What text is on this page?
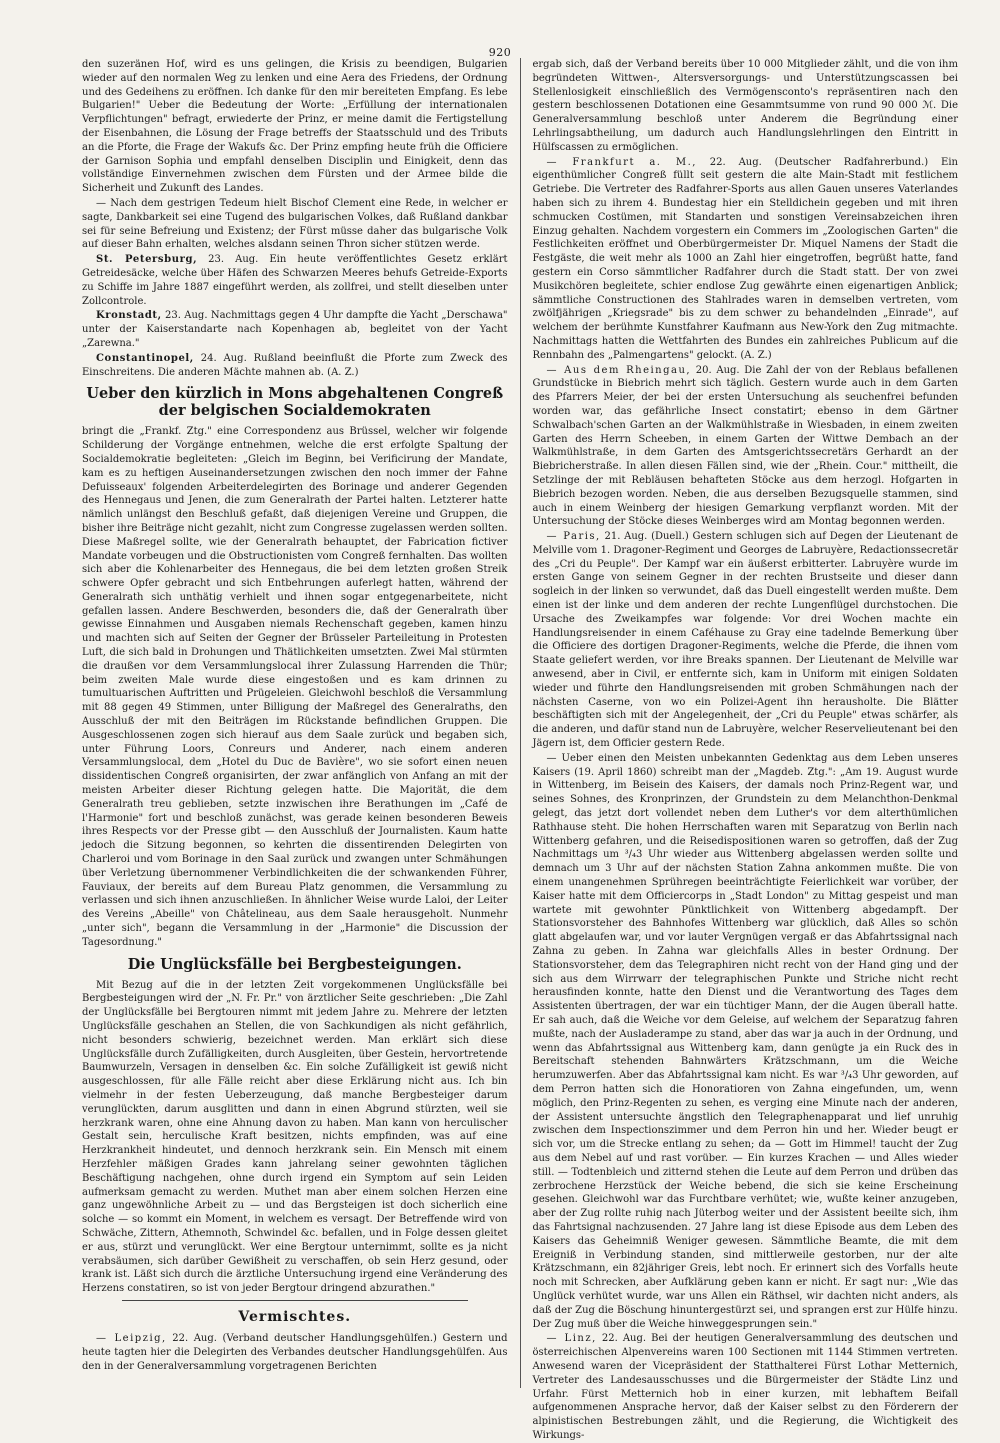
920

den suzeränen Hof, wird es uns gelingen, die Krisis zu beendigen, Bulgarien wieder auf den normalen Weg zu lenken und eine Aera des Friedens, der Ordnung und des Gedeihens zu eröffnen. Ich danke für den mir bereiteten Empfang. Es lebe Bulgarien!" Ueber die Bedeutung der Worte: „Erfüllung der internationalen Verpflichtungen" befragt, erwiederte der Prinz, er meine damit die Fertigstellung der Eisenbahnen, die Lösung der Frage betreffs der Staatsschuld und des Tributs an die Pforte, die Frage der Wakufs &c. Der Prinz empfing heute früh die Officiere der Garnison Sophia und empfahl denselben Disciplin und Einigkeit, denn das vollständige Einvernehmen zwischen dem Fürsten und der Armee bilde die Sicherheit und Zukunft des Landes.

— Nach dem gestrigen Tedeum hielt Bischof Clement eine Rede, in welcher er sagte, Dankbarkeit sei eine Tugend des bulgarischen Volkes, daß Rußland dankbar sei für seine Befreiung und Existenz; der Fürst müsse daher das bulgarische Volk auf dieser Bahn erhalten, welches alsdann seinen Thron sicher stützen werde.

St. Petersburg, 23. Aug. Ein heute veröffentlichtes Gesetz erklärt Getreidesäcke, welche über Häfen des Schwarzen Meeres behufs Getreide-Exports zu Schiffe im Jahre 1887 eingeführt werden, als zollfrei, und stellt dieselben unter Zollcontrole.

Kronstadt, 23. Aug. Nachmittags gegen 4 Uhr dampfte die Yacht „Derschawa" unter der Kaiserstandarte nach Kopenhagen ab, begleitet von der Yacht „Zarewna."

Constantinopel, 24. Aug. Rußland beeinflußt die Pforte zum Zweck des Einschreitens. Die anderen Mächte mahnen ab. (A. Z.)

Ueber den kürzlich in Mons abgehaltenen Congreß der belgischen Socialdemokraten

bringt die „Frankf. Ztg." eine Correspondenz aus Brüssel, welcher wir folgende Schilderung der Vorgänge entnehmen, welche die erst erfolgte Spaltung der Socialdemokratie begleiteten: „Gleich im Beginn, bei Verificirung der Mandate, kam es zu heftigen Auseinandersetzungen zwischen den noch immer der Fahne Defuisseaux' folgenden Arbeiterdelegirten des Borinage und anderer Gegenden des Hennegaus und Jenen, die zum Generalrath der Partei halten. Letzterer hatte nämlich unlängst den Beschluß gefaßt, daß diejenigen Vereine und Gruppen, die bisher ihre Beiträge nicht gezahlt, nicht zum Congresse zugelassen werden sollten. Diese Maßregel sollte, wie der Generalrath behauptet, der Fabrication fictiver Mandate vorbeugen und die Obstructionisten vom Congreß fernhalten. Das wollten sich aber die Kohlenarbeiter des Hennegaus, die bei dem letzten großen Streik schwere Opfer gebracht und sich Entbehrungen auferlegt hatten, während der Generalrath sich unthätig verhielt und ihnen sogar entgegenarbeitete, nicht gefallen lassen. Andere Beschwerden, besonders die, daß der Generalrath über gewisse Einnahmen und Ausgaben niemals Rechenschaft gegeben, kamen hinzu und machten sich auf Seiten der Gegner der Brüsseler Parteileitung in Protesten Luft, die sich bald in Drohungen und Thätlichkeiten umsetzten. Zwei Mal stürmten die draußen vor dem Versammlungslocal ihrer Zulassung Harrenden die Thür; beim zweiten Male wurde diese eingestoßen und es kam drinnen zu tumultuarischen Auftritten und Prügeleien. Gleichwohl beschloß die Versammlung mit 88 gegen 49 Stimmen, unter Billigung der Maßregel des Generalraths, den Ausschluß der mit den Beiträgen im Rückstande befindlichen Gruppen. Die Ausgeschlossenen zogen sich hierauf aus dem Saale zurück und begaben sich, unter Führung Loors, Conreurs und Anderer, nach einem anderen Versammlungslocal, dem „Hotel du Duc de Bavière", wo sie sofort einen neuen dissidentischen Congreß organisirten, der zwar anfänglich von Anfang an mit der meisten Arbeiter dieser Richtung gelegen hatte. Die Majorität, die dem Generalrath treu geblieben, setzte inzwischen ihre Berathungen im „Café de l'Harmonie" fort und beschloß zunächst, was gerade keinen besonderen Beweis ihres Respects vor der Presse gibt — den Ausschluß der Journalisten. Kaum hatte jedoch die Sitzung begonnen, so kehrten die dissentirenden Delegirten von Charleroi und vom Borinage in den Saal zurück und zwangen unter Schmähungen über Verletzung übernommener Verbindlichkeiten die der schwankenden Führer, Fauviaux, der bereits auf dem Bureau Platz genommen, die Versammlung zu verlassen und sich ihnen anzuschließen. In ähnlicher Weise wurde Laloi, der Leiter des Vereins „Abeille" von Châtelineau, aus dem Saale herausgeholt. Nunmehr „unter sich", begann die Versammlung in der „Harmonie" die Discussion der Tagesordnung."

Die Unglücksfälle bei Bergbesteigungen.

Mit Bezug auf die in der letzten Zeit vorgekommenen Unglücksfälle bei Bergbesteigungen wird der „N. Fr. Pr." von ärztlicher Seite geschrieben: „Die Zahl der Unglücksfälle bei Bergtouren nimmt mit jedem Jahre zu. Mehrere der letzten Unglücksfälle geschahen an Stellen, die von Sachkundigen als nicht gefährlich, nicht besonders schwierig, bezeichnet werden. Man erklärt sich diese Unglücksfälle durch Zufälligkeiten, durch Ausgleiten, über Gestein, hervortretende Baumwurzeln, Versagen in denselben &c. Ein solche Zufälligkeit ist gewiß nicht ausgeschlossen, für alle Fälle reicht aber diese Erklärung nicht aus. Ich bin vielmehr in der festen Ueberzeugung, daß manche Bergbesteiger darum verunglückten, darum ausglitten und dann in einen Abgrund stürzten, weil sie herzkrank waren, ohne eine Ahnung davon zu haben. Man kann von herculischer Gestalt sein, herculische Kraft besitzen, nichts empfinden, was auf eine Herzkrankheit hindeutet, und dennoch herzkrank sein. Ein Mensch mit einem Herzfehler mäßigen Grades kann jahrelang seiner gewohnten täglichen Beschäftigung nachgehen, ohne durch irgend ein Symptom auf sein Leiden aufmerksam gemacht zu werden. Muthet man aber einem solchen Herzen eine ganz ungewöhnliche Arbeit zu — und das Bergsteigen ist doch sicherlich eine solche — so kommt ein Moment, in welchem es versagt. Der Betreffende wird von Schwäche, Zittern, Athemnoth, Schwindel &c. befallen, und in Folge dessen gleitet er aus, stürzt und verunglückt. Wer eine Bergtour unternimmt, sollte es ja nicht verabsäumen, sich darüber Gewißheit zu verschaffen, ob sein Herz gesund, oder krank ist. Läßt sich durch die ärztliche Untersuchung irgend eine Veränderung des Herzens constatiren, so ist von jeder Bergtour dringend abzurathen."

Vermischtes.

— Leipzig, 22. Aug. (Verband deutscher Handlungsgehülfen.) Gestern und heute tagten hier die Delegirten des Verbandes deutscher Handlungsgehülfen. Aus den in der Generalversammlung vorgetragenen Berichten

ergab sich, daß der Verband bereits über 10 000 Mitglieder zählt, und die von ihm begründeten Wittwen-, Altersversorgungs- und Unterstützungscassen bei Stellenlosigkeit einschließlich des Vermögensconto's repräsentiren nach den gestern beschlossenen Dotationen eine Gesammtsumme von rund 90 000 ℳ. Die Generalversammlung beschloß unter Anderem die Begründung einer Lehrlingsabtheilung, um dadurch auch Handlungslehrlingen den Eintritt in Hülfscassen zu ermöglichen.

— Frankfurt a. M., 22. Aug. (Deutscher Radfahrerbund.) Ein eigenthümlicher Congreß füllt seit gestern die alte Main-Stadt mit festlichem Getriebe. Die Vertreter des Radfahrer-Sports aus allen Gauen unseres Vaterlandes haben sich zu ihrem 4. Bundestag hier ein Stelldichein gegeben und mit ihren schmucken Costümen, mit Standarten und sonstigen Vereinsabzeichen ihren Einzug gehalten. Nachdem vorgestern ein Commers im „Zoologischen Garten" die Festlichkeiten eröffnet und Oberbürgermeister Dr. Miquel Namens der Stadt die Festgäste, die weit mehr als 1000 an Zahl hier eingetroffen, begrüßt hatte, fand gestern ein Corso sämmtlicher Radfahrer durch die Stadt statt. Der von zwei Musikchören begleitete, schier endlose Zug gewährte einen eigenartigen Anblick; sämmtliche Constructionen des Stahlrades waren in demselben vertreten, vom zwölfjährigen „Kriegsrade" bis zu dem schwer zu behandelnden „Einrade", auf welchem der berühmte Kunstfahrer Kaufmann aus New-York den Zug mitmachte. Nachmittags hatten die Wettfahrten des Bundes ein zahlreiches Publicum auf die Rennbahn des „Palmengartens" gelockt. (A. Z.)

— Aus dem Rheingau, 20. Aug. Die Zahl der von der Reblaus befallenen Grundstücke in Biebrich mehrt sich täglich. Gestern wurde auch in dem Garten des Pfarrers Meier, der bei der ersten Untersuchung als seuchenfrei befunden worden war, das gefährliche Insect constatirt; ebenso in dem Gärtner Schwalbach'schen Garten an der Walkmühlstraße in Wiesbaden, in einem zweiten Garten des Herrn Scheeben, in einem Garten der Wittwe Dembach an der Walkmühlstraße, in dem Garten des Amtsgerichtssecretärs Gerhardt an der Biebricherstraße. In allen diesen Fällen sind, wie der „Rhein. Cour." mittheilt, die Setzlinge der mit Rebläusen behafteten Stöcke aus dem herzogl. Hofgarten in Biebrich bezogen worden. Neben, die aus derselben Bezugsquelle stammen, sind auch in einem Weinberg der hiesigen Gemarkung verpflanzt worden. Mit der Untersuchung der Stöcke dieses Weinberges wird am Montag begonnen werden.

— Paris, 21. Aug. (Duell.) Gestern schlugen sich auf Degen der Lieutenant de Melville vom 1. Dragoner-Regiment und Georges de Labruyère, Redactionssecretär des „Cri du Peuple". Der Kampf war ein äußerst erbitterter. Labruyère wurde im ersten Gange von seinem Gegner in der rechten Brustseite und dieser dann sogleich in der linken so verwundet, daß das Duell eingestellt werden mußte. Dem einen ist der linke und dem anderen der rechte Lungenflügel durchstochen. Die Ursache des Zweikampfes war folgende: Vor drei Wochen machte ein Handlungsreisender in einem Caféhause zu Gray eine tadelnde Bemerkung über die Officiere des dortigen Dragoner-Regiments, welche die Pferde, die ihnen vom Staate geliefert werden, vor ihre Breaks spannen. Der Lieutenant de Melville war anwesend, aber in Civil, er entfernte sich, kam in Uniform mit einigen Soldaten wieder und führte den Handlungsreisenden mit groben Schmähungen nach der nächsten Caserne, von wo ein Polizei-Agent ihn herausholte. Die Blätter beschäftigten sich mit der Angelegenheit, der „Cri du Peuple" etwas schärfer, als die anderen, und dafür stand nun de Labruyère, welcher Reservelieutenant bei den Jägern ist, dem Officier gestern Rede.

— Ueber einen den Meisten unbekannten Gedenktag aus dem Leben unseres Kaisers (19. April 1860) schreibt man der „Magdeb. Ztg.": „Am 19. August wurde in Wittenberg, im Beisein des Kaisers, der damals noch Prinz-Regent war, und seines Sohnes, des Kronprinzen, der Grundstein zu dem Melanchthon-Denkmal gelegt, das jetzt dort vollendet neben dem Luther's vor dem alterthümlichen Rathhause steht. Die hohen Herrschaften waren mit Separatzug von Berlin nach Wittenberg gefahren, und die Reisedispositionen waren so getroffen, daß der Zug Nachmittags um ³/₄3 Uhr wieder aus Wittenberg abgelassen werden sollte und demnach um 3 Uhr auf der nächsten Station Zahna ankommen mußte. Die von einem unangenehmen Sprühregen beeinträchtigte Feierlichkeit war vorüber, der Kaiser hatte mit dem Officiercorps in „Stadt London" zu Mittag gespeist und man wartete mit gewohnter Pünktlichkeit von Wittenberg abgedampft. Der Stationsvorsteher des Bahnhofes Wittenberg war glücklich, daß Alles so schön glatt abgelaufen war, und vor lauter Vergnügen vergaß er das Abfahrtssignal nach Zahna zu geben. In Zahna war gleichfalls Alles in bester Ordnung. Der Stationsvorsteher, dem das Telegraphiren nicht recht von der Hand ging und der sich aus dem Wirrwarr der telegraphischen Punkte und Striche nicht recht herausfinden konnte, hatte den Dienst und die Verantwortung des Tages dem Assistenten übertragen, der war ein tüchtiger Mann, der die Augen überall hatte. Er sah auch, daß die Weiche vor dem Geleise, auf welchem der Separatzug fahren mußte, nach der Ausladerampe zu stand, aber das war ja auch in der Ordnung, und wenn das Abfahrtssignal aus Wittenberg kam, dann genügte ja ein Ruck des in Bereitschaft stehenden Bahnwärters Krätzschmann, um die Weiche herumzuwerfen. Aber das Abfahrtssignal kam nicht. Es war ³/₄3 Uhr geworden, auf dem Perron hatten sich die Honoratioren von Zahna eingefunden, um, wenn möglich, den Prinz-Regenten zu sehen, es verging eine Minute nach der anderen, der Assistent untersuchte ängstlich den Telegraphenapparat und lief unruhig zwischen dem Inspectionszimmer und dem Perron hin und her. Wieder beugt er sich vor, um die Strecke entlang zu sehen; da — Gott im Himmel! taucht der Zug aus dem Nebel auf und rast vorüber. — Ein kurzes Krachen — und Alles wieder still. — Todtenbleich und zitternd stehen die Leute auf dem Perron und drüben das zerbrochene Herzstück der Weiche bebend, die sich sie keine Erscheinung gesehen. Gleichwohl war das Furchtbare verhütet; wie, wußte keiner anzugeben, aber der Zug rollte ruhig nach Jüterbog weiter und der Assistent beeilte sich, ihm das Fahrtsignal nachzusenden. 27 Jahre lang ist diese Episode aus dem Leben des Kaisers das Geheimniß Weniger gewesen. Sämmtliche Beamte, die mit dem Ereigniß in Verbindung standen, sind mittlerweile gestorben, nur der alte Krätzschmann, ein 82jähriger Greis, lebt noch. Er erinnert sich des Vorfalls heute noch mit Schrecken, aber Aufklärung geben kann er nicht. Er sagt nur: „Wie das Unglück verhütet wurde, war uns Allen ein Räthsel, wir dachten nicht anders, als daß der Zug die Böschung hinuntergestürzt sei, und sprangen erst zur Hülfe hinzu. Der Zug muß über die Weiche hinweggesprungen sein."

— Linz, 22. Aug. Bei der heutigen Generalversammlung des deutschen und österreichischen Alpenvereins waren 100 Sectionen mit 1144 Stimmen vertreten. Anwesend waren der Vicepräsident der Statthalterei Fürst Lothar Metternich, Vertreter des Landesausschusses und die Bürgermeister der Städte Linz und Urfahr. Fürst Metternich hob in einer kurzen, mit lebhaftem Beifall aufgenommenen Ansprache hervor, daß der Kaiser selbst zu den Förderern der alpinistischen Bestrebungen zählt, und die Regierung, die Wichtigkeit des Wirkungs-
